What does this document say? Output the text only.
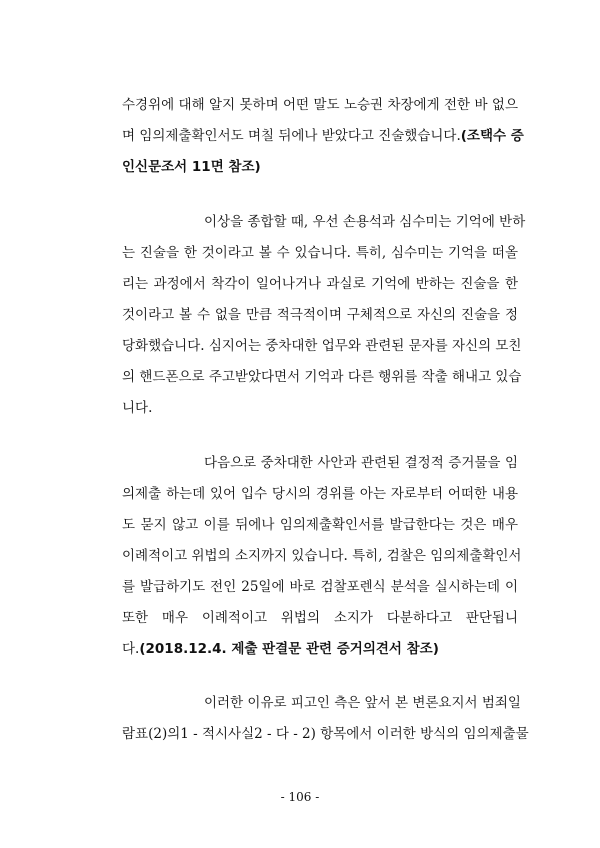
수경위에 대해 알지 못하며 어떤 말도 노승권 차장에게 전한 바 없으
며 임의제출확인서도 며칠 뒤에나 받았다고 진술했습니다.(조택수 증
인신문조서 11면 참조)
이상을 종합할 때, 우선 손용석과 심수미는 기억에 반하
는 진술을 한 것이라고 볼 수 있습니다. 특히, 심수미는 기억을 떠올
리는 과정에서 착각이 일어나거나 과실로 기억에 반하는 진술을 한
것이라고 볼 수 없을 만큼 적극적이며 구체적으로 자신의 진술을 정
당화했습니다. 심지어는 중차대한 업무와 관련된 문자를 자신의 모친
의 핸드폰으로 주고받았다면서 기억과 다른 행위를 작출 해내고 있습
니다.
다음으로 중차대한 사안과 관련된 결정적 증거물을 임
의제출 하는데 있어 입수 당시의 경위를 아는 자로부터 어떠한 내용
도 묻지 않고 이를 뒤에나 임의제출확인서를 발급한다는 것은 매우
이례적이고 위법의 소지까지 있습니다. 특히, 검찰은 임의제출확인서
를 발급하기도 전인 25일에 바로 검찰포렌식 분석을 실시하는데 이
또한 매우 이례적이고 위법의 소지가 다분하다고 판단됩니
다.(2018.12.4. 제출 판결문 관련 증거의견서 참조)
이러한 이유로 피고인 측은 앞서 본 변론요지서 범죄일
람표(2)의1 - 적시사실2 - 다 - 2) 항목에서 이러한 방식의 임의제출물
- 106 -
